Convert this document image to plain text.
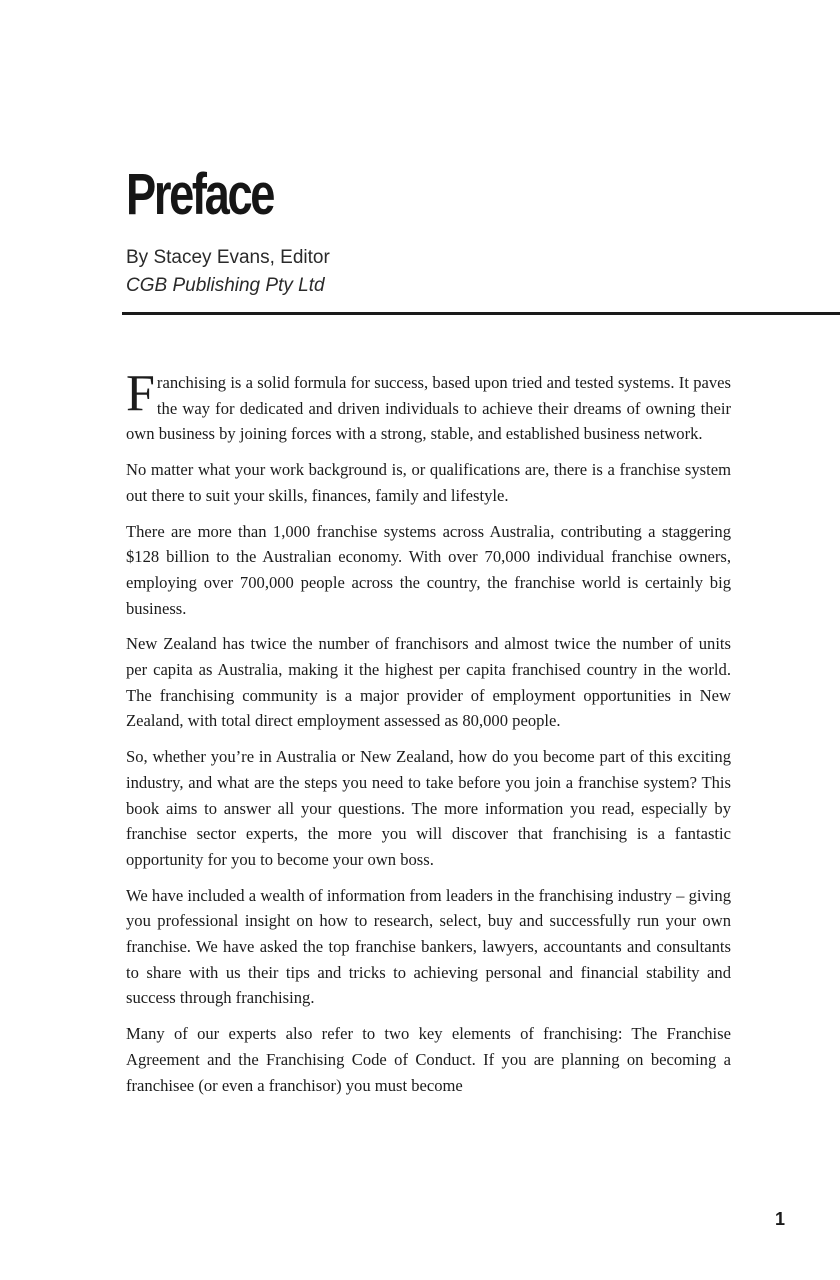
Preface
By Stacey Evans, Editor
CGB Publishing Pty Ltd

Franchising is a solid formula for success, based upon tried and tested systems. It paves the way for dedicated and driven individuals to achieve their dreams of owning their own business by joining forces with a strong, stable, and established business network.

No matter what your work background is, or qualifications are, there is a franchise system out there to suit your skills, finances, family and lifestyle.

There are more than 1,000 franchise systems across Australia, contributing a staggering $128 billion to the Australian economy. With over 70,000 individual franchise owners, employing over 700,000 people across the country, the franchise world is certainly big business.

New Zealand has twice the number of franchisors and almost twice the number of units per capita as Australia, making it the highest per capita franchised country in the world. The franchising community is a major provider of employment opportunities in New Zealand, with total direct employment assessed as 80,000 people.

So, whether you’re in Australia or New Zealand, how do you become part of this exciting industry, and what are the steps you need to take before you join a franchise system? This book aims to answer all your questions. The more information you read, especially by franchise sector experts, the more you will discover that franchising is a fantastic opportunity for you to become your own boss.

We have included a wealth of information from leaders in the franchising industry – giving you professional insight on how to research, select, buy and successfully run your own franchise. We have asked the top franchise bankers, lawyers, accountants and consultants to share with us their tips and tricks to achieving personal and financial stability and success through franchising.

Many of our experts also refer to two key elements of franchising: The Franchise Agreement and the Franchising Code of Conduct. If you are planning on becoming a franchisee (or even a franchisor) you must become

1
